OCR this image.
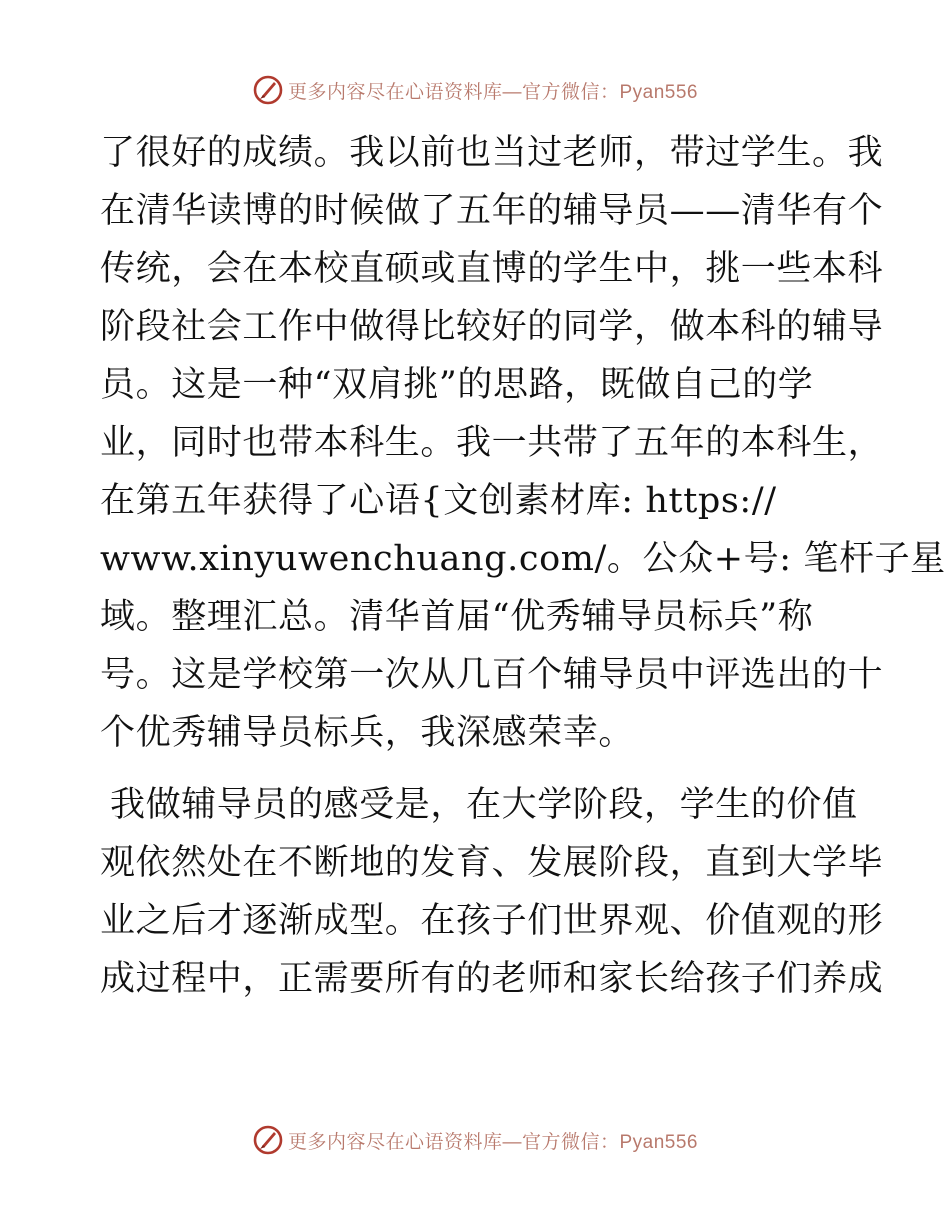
更多内容尽在心语资料库—官方微信：Pyan556
了很好的成绩。我以前也当过老师，带过学生。我
在清华读博的时候做了五年的辅导员——清华有个
传统，会在本校直硕或直博的学生中，挑一些本科
阶段社会工作中做得比较好的同学，做本科的辅导
员。这是一种“双肩挑”的思路，既做自己的学
业，同时也带本科生。我一共带了五年的本科生，
在第五年获得了心语{文创素材库: https://
www.xinyuwenchuang.com/。公众+号: 笔杆子星
域。整理汇总。清华首届“优秀辅导员标兵”称
号。这是学校第一次从几百个辅导员中评选出的十
个优秀辅导员标兵，我深感荣幸。
我做辅导员的感受是，在大学阶段，学生的价值
观依然处在不断地的发育、发展阶段，直到大学毕
业之后才逐渐成型。在孩子们世界观、价值观的形
成过程中，正需要所有的老师和家长给孩子们养成
更多内容尽在心语资料库—官方微信：Pyan556
